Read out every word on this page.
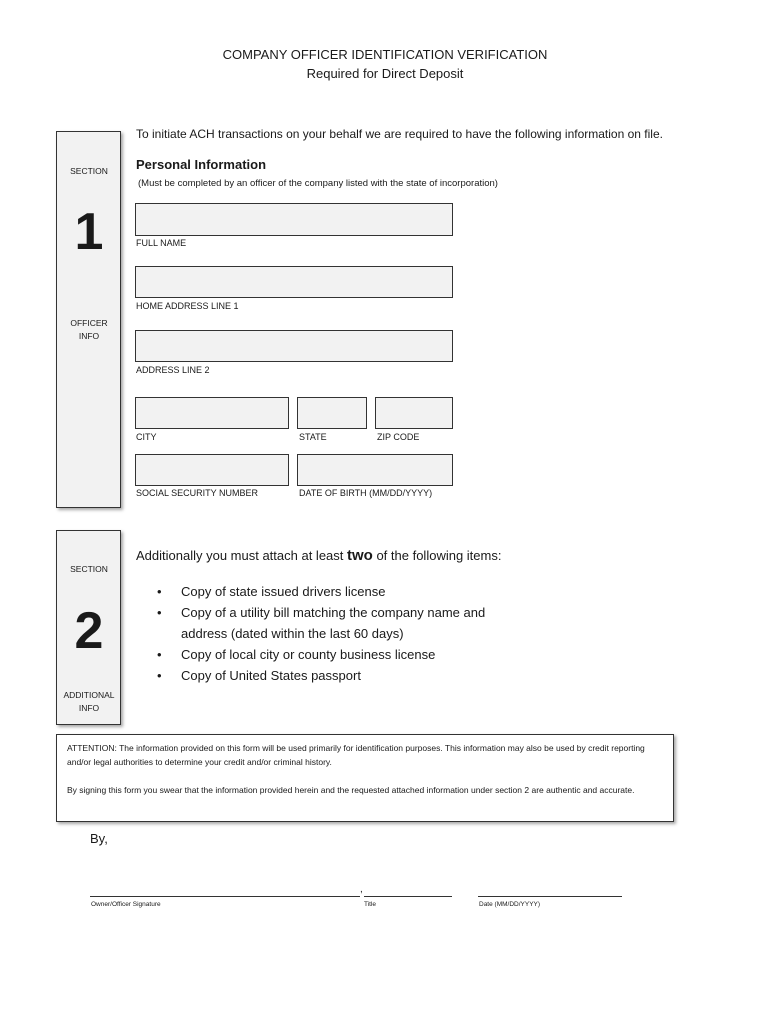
COMPANY OFFICER IDENTIFICATION VERIFICATION
Required for Direct Deposit
SECTION
1
OFFICER
INFO
To initiate ACH transactions on your behalf we are required to have the following information on file.
Personal Information
(Must be completed by an officer of the company listed with the state of incorporation)
FULL NAME
HOME ADDRESS LINE 1
ADDRESS LINE 2
CITY	STATE	ZIP CODE
SOCIAL SECURITY NUMBER	DATE OF BIRTH (MM/DD/YYYY)
SECTION
2
ADDITIONAL
INFO
Additionally you must attach at least two of the following items:
• Copy of state issued drivers license
• Copy of a utility bill matching the company name and address (dated within the last 60 days)
• Copy of local city or county business license
• Copy of United States passport
ATTENTION: The information provided on this form will be used primarily for identification purposes. This information may also be used by credit reporting and/or legal authorities to determine your credit and/or criminal history.
By signing this form you swear that the information provided herein and the requested attached information under section 2 are authentic and accurate.
By,
,
Owner/Officer Signature	Title	Date (MM/DD/YYYY)
